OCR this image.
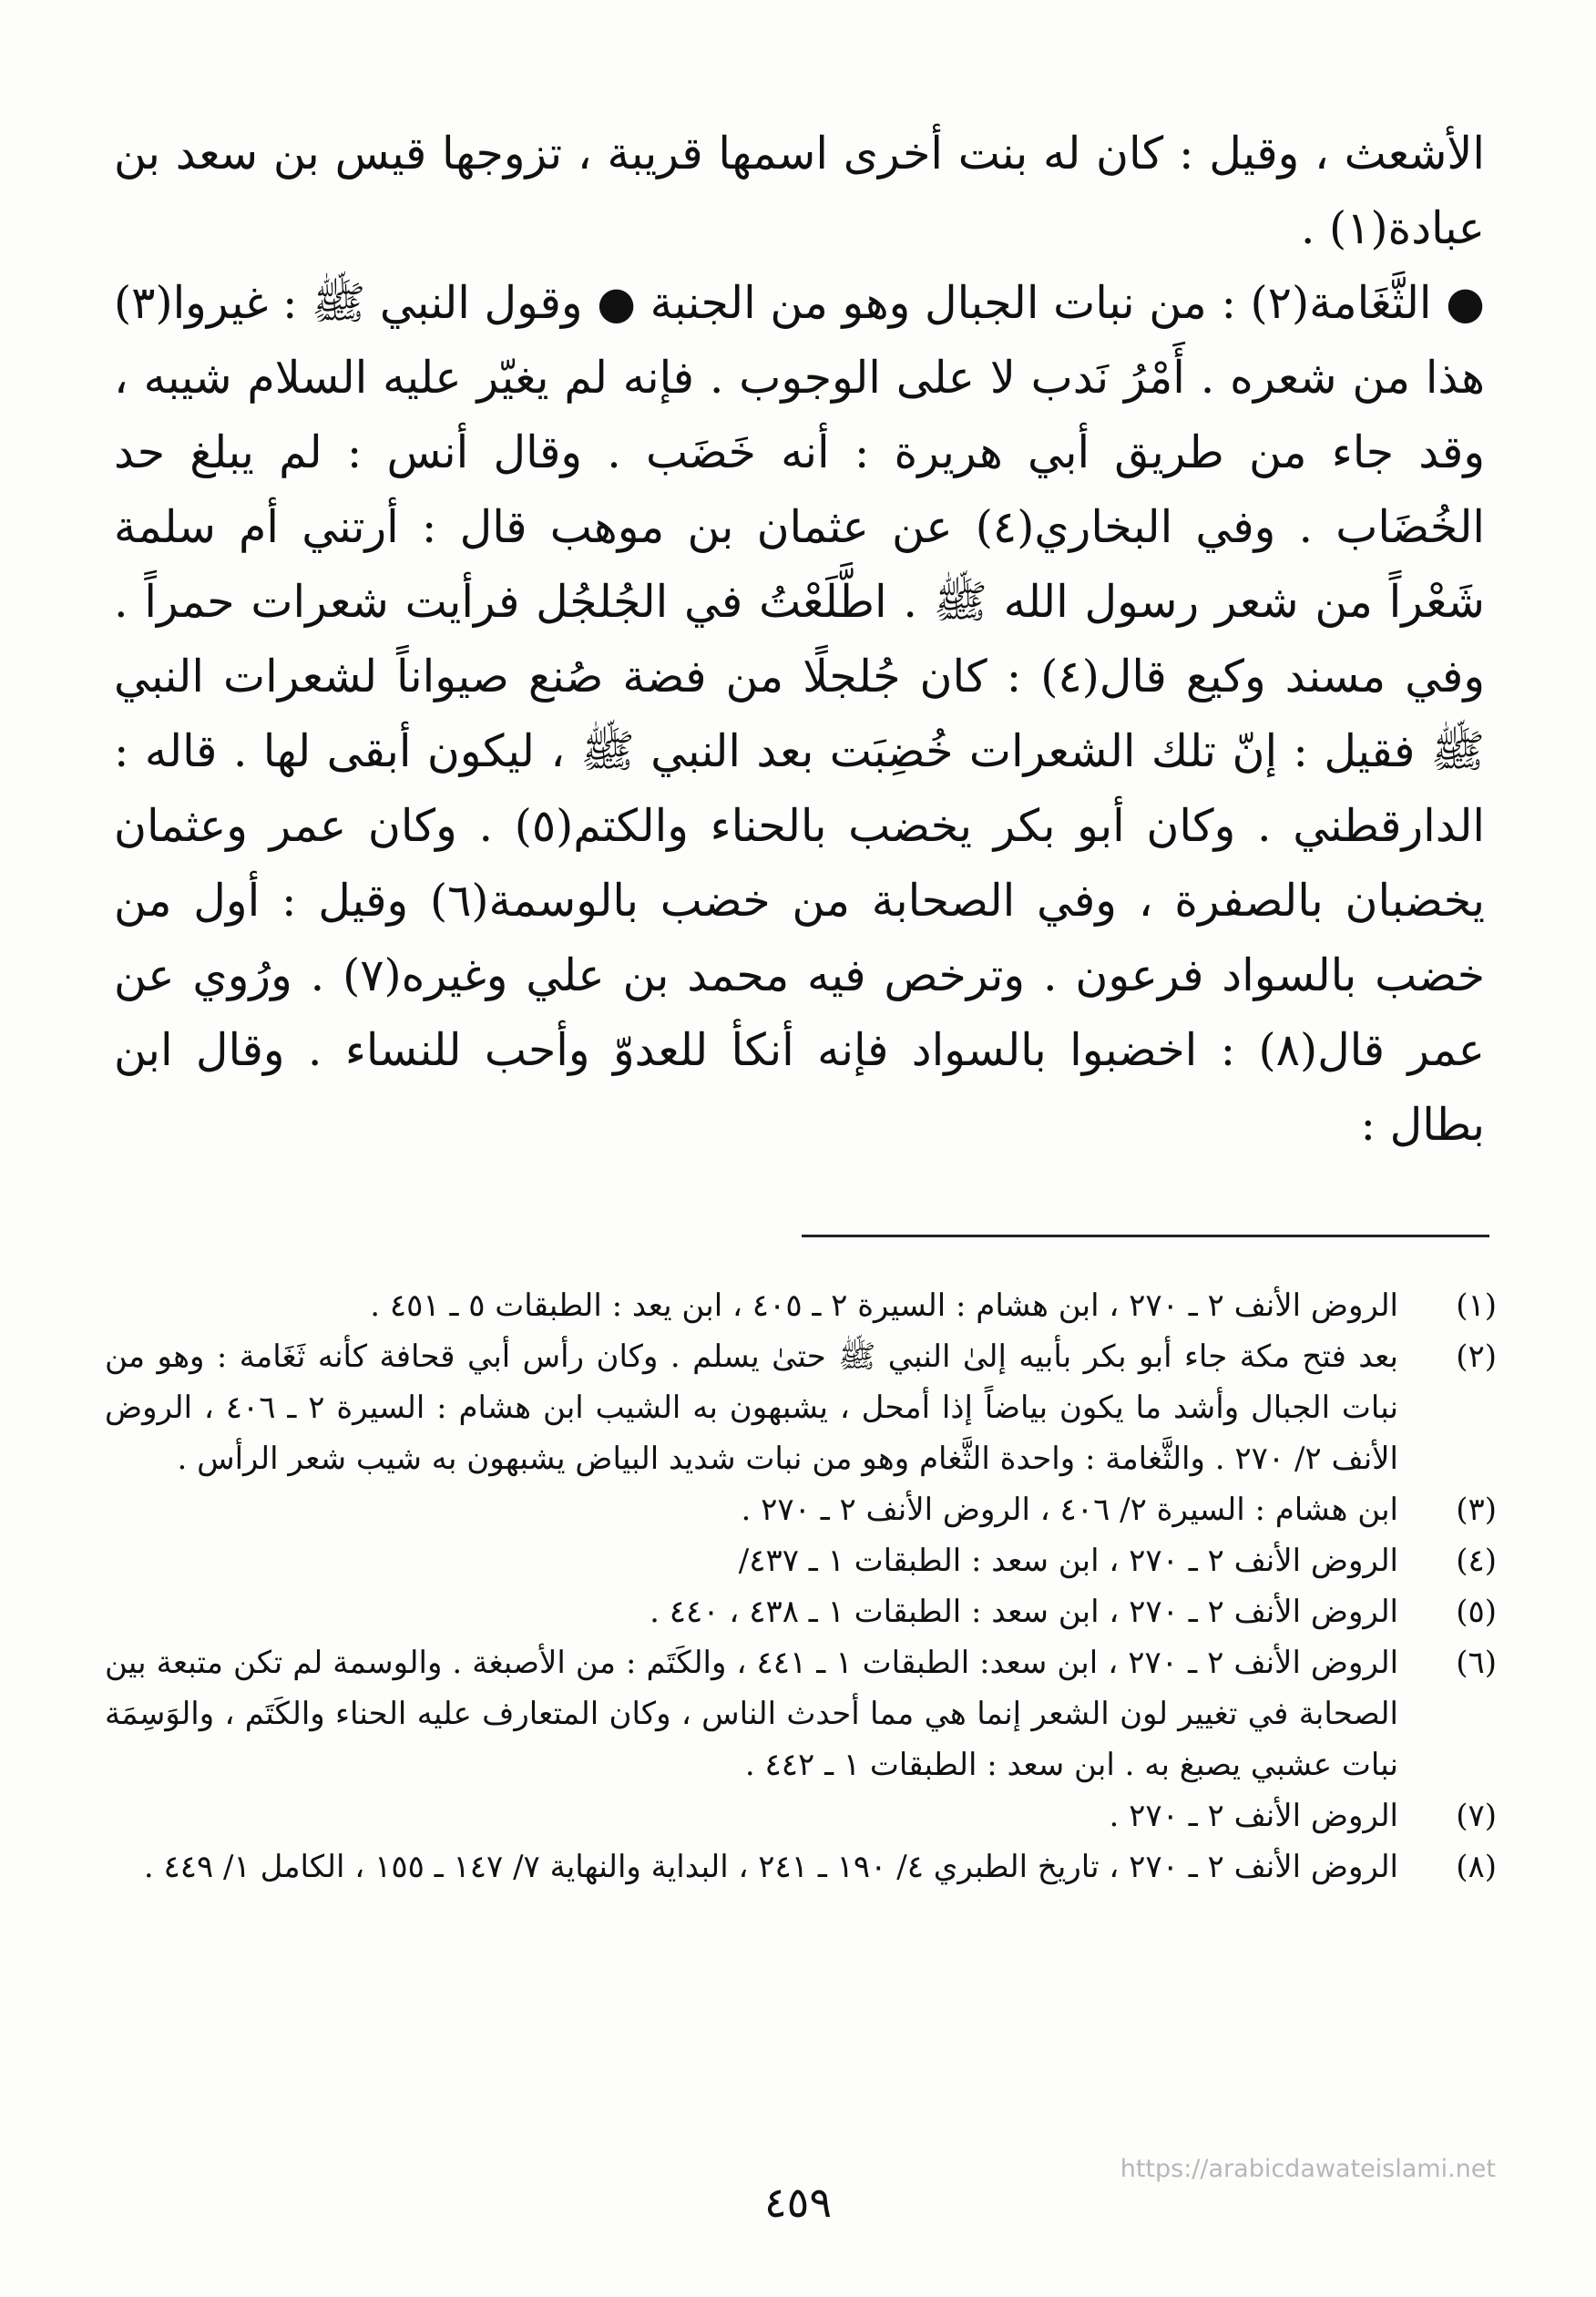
الأشعث ، وقيل : كان له بنت أخرى اسمها قريبة ، تزوجها قيس بن سعد بن عبادة(١) .

● الثَّغَامة(٢) : من نبات الجبال وهو من الجنبة ● وقول النبي ﷺ : غيروا(٣) هذا من شعره . أَمْرُ نَدب لا على الوجوب . فإنه لم يغيّر عليه السلام شيبه ، وقد جاء من طريق أبي هريرة : أنه خَضَب . وقال أنس : لم يبلغ حد الخُضَاب . وفي البخاري(٤) عن عثمان بن موهب قال : أرتني أم سلمة شَعْراً من شعر رسول الله ﷺ . اطَّلَعْتُ في الجُلجُل فرأيت شعرات حمراً . وفي مسند وكيع قال(٤) : كان جُلجلًا من فضة صُنع صيواناً لشعرات النبي ﷺ فقيل : إنّ تلك الشعرات خُضِبَت بعد النبي ﷺ ، ليكون أبقى لها . قاله : الدارقطني . وكان أبو بكر يخضب بالحناء والكتم(٥) . وكان عمر وعثمان يخضبان بالصفرة ، وفي الصحابة من خضب بالوسمة(٦) وقيل : أول من خضب بالسواد فرعون . وترخص فيه محمد بن علي وغيره(٧) . ورُوي عن عمر قال(٨) : اخضبوا بالسواد فإنه أنكأ للعدوّ وأحب للنساء . وقال ابن بطال :

(١)
الروض الأنف ٢ ـ ٢٧٠ ، ابن هشام : السيرة ٢ ـ ٤٠٥ ، ابن يعد : الطبقات ٥ ـ ٤٥١ .
(٢)
بعد فتح مكة جاء أبو بكر بأبيه إلىٰ النبي ﷺ حتىٰ يسلم . وكان رأس أبي قحافة كأنه ثَغَامة : وهو من نبات الجبال وأشد ما يكون بياضاً إذا أمحل ، يشبهون به الشيب ابن هشام : السيرة ٢ ـ ٤٠٦ ، الروض الأنف ٢/ ٢٧٠ . والثَّغامة : واحدة الثَّغام وهو من نبات شديد البياض يشبهون به شيب شعر الرأس .
(٣)
ابن هشام : السيرة ٢/ ٤٠٦ ، الروض الأنف ٢ ـ ٢٧٠ .
(٤)
الروض الأنف ٢ ـ ٢٧٠ ، ابن سعد : الطبقات ١ ـ ٤٣٧/
(٥)
الروض الأنف ٢ ـ ٢٧٠ ، ابن سعد : الطبقات ١ ـ ٤٣٨ ، ٤٤٠ .
(٦)
الروض الأنف ٢ ـ ٢٧٠ ، ابن سعد: الطبقات ١ ـ ٤٤١ ، والكَتَم : من الأصبغة . والوسمة لم تكن متبعة بين الصحابة في تغيير لون الشعر إنما هي مما أحدث الناس ، وكان المتعارف عليه الحناء والكَتَم ، والوَسِمَة نبات عشبي يصبغ به . ابن سعد : الطبقات ١ ـ ٤٤٢ .
(٧)
الروض الأنف ٢ ـ ٢٧٠ .
(٨)
الروض الأنف ٢ ـ ٢٧٠ ، تاريخ الطبري ٤/ ١٩٠ ـ ٢٤١ ، البداية والنهاية ٧/ ١٤٧ ـ ١٥٥ ، الكامل ١/ ٤٤٩ .
https://arabicdawateislami.net
٤٥٩
